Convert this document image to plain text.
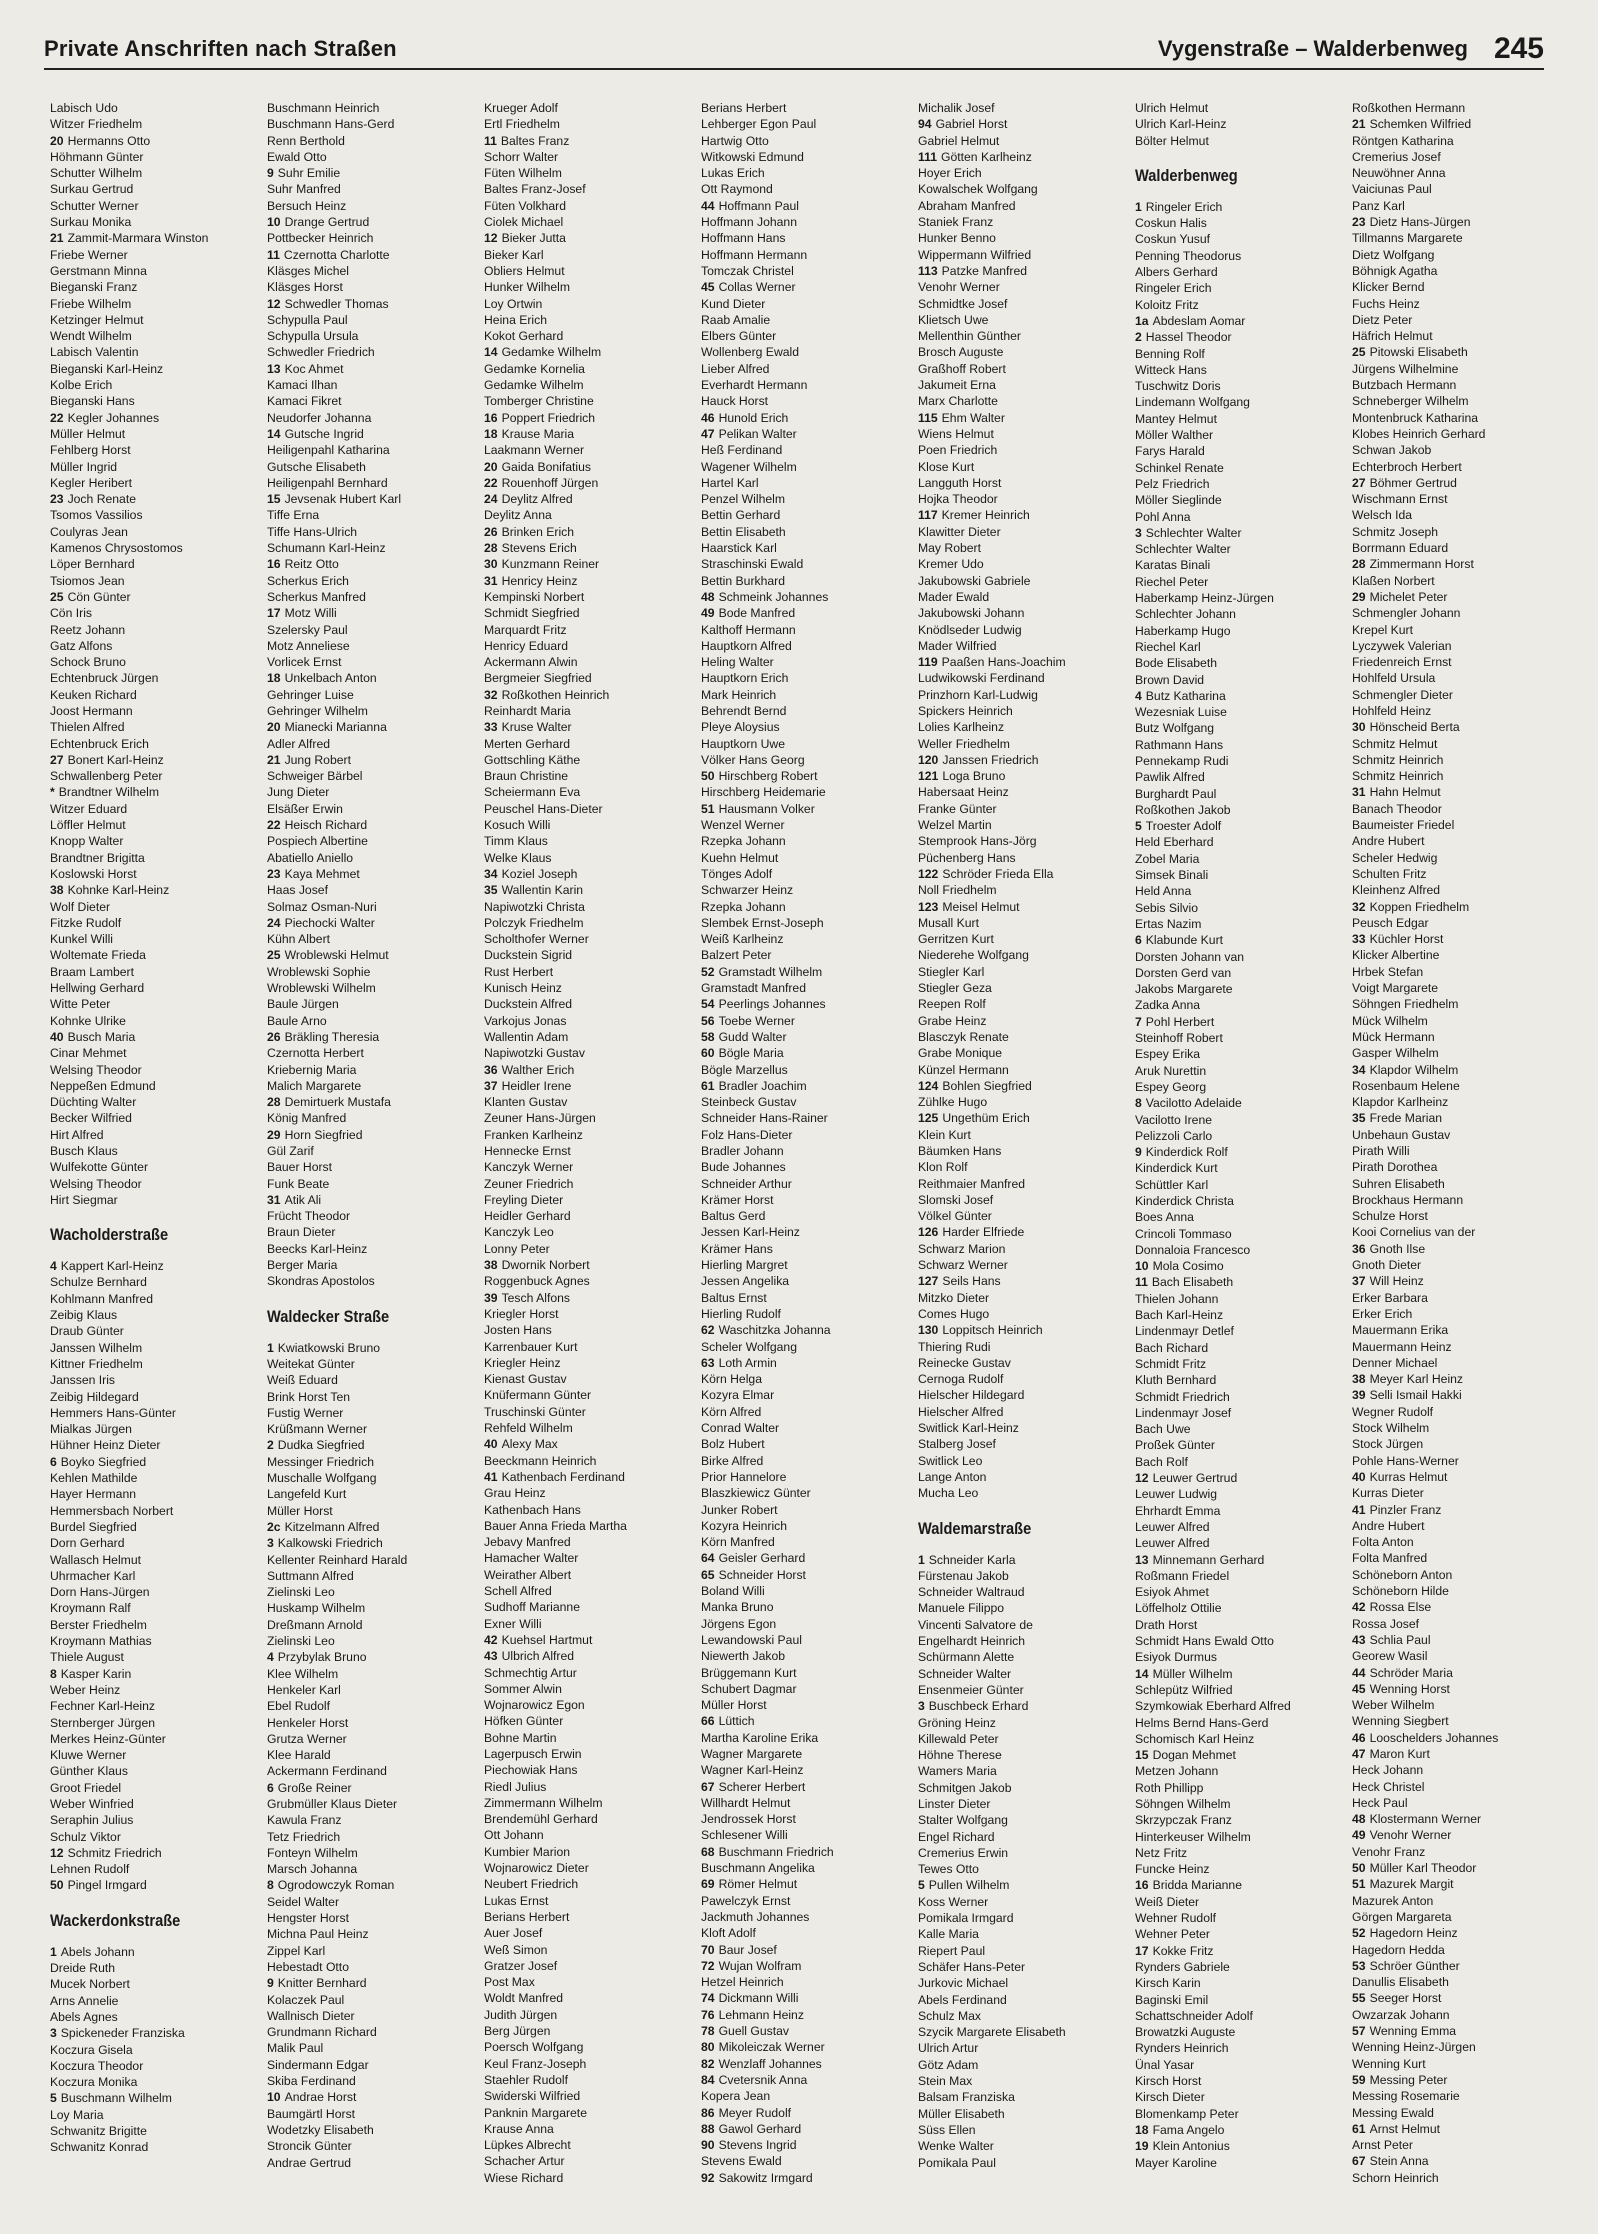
Private Anschriften nach Straßen	Vygenstraße – Walderbenweg 245
Labisch Udo
Witzer Friedhelm
20 Hermanns Otto
Höhmann Günter
Schutter Wilhelm
Surkau Gertrud
Schutter Werner
Surkau Monika
21 Zammit-Marmara Winston
Friebe Werner
Gerstmann Minna
Bieganski Franz
Friebe Wilhelm
Ketzinger Helmut
Wendt Wilhelm
Labisch Valentin
Bieganski Karl-Heinz
Kolbe Erich
Bieganski Hans
22 Kegler Johannes
Müller Helmut
Fehlberg Horst
Müller Ingrid
Kegler Heribert
23 Joch Renate
Tsomos Vassilios
Coulyras Jean
Kamenos Chrysostomos
Löper Bernhard
Tsiomos Jean
25 Cön Günter
Cön Iris
Reetz Johann
Gatz Alfons
Schock Bruno
Echtenbruck Jürgen
Keuken Richard
Joost Hermann
Thielen Alfred
Echtenbruck Erich
27 Bonert Karl-Heinz
Schwallenberg Peter
* Brandtner Wilhelm
Witzer Eduard
Löffler Helmut
Knopp Walter
Brandtner Brigitta
Koslowski Horst
38 Kohnke Karl-Heinz
Wolf Dieter
Fitzke Rudolf
Kunkel Willi
Woltemate Frieda
Braam Lambert
Hellwing Gerhard
Witte Peter
Kohnke Ulrike
40 Busch Maria
Cinar Mehmet
Welsing Theodor
Neppeßen Edmund
Düchting Walter
Becker Wilfried
Hirt Alfred
Busch Klaus
Wulfekotte Günter
Welsing Theodor
Hirt Siegmar
Wacholderstraße
4 Kappert Karl-Heinz
Schulze Bernhard
Kohlmann Manfred
Zeibig Klaus
Draub Günter
Janssen Wilhelm
Kittner Friedhelm
Janssen Iris
Zeibig Hildegard
Hemmers Hans-Günter
Mialkas Jürgen
Hühner Heinz Dieter
6 Boyko Siegfried
Kehlen Mathilde
Hayer Hermann
Hemmersbach Norbert
Burdel Siegfried
Dorn Gerhard
Wallasch Helmut
Uhrmacher Karl
Dorn Hans-Jürgen
Kroymann Ralf
Berster Friedhelm
Kroymann Mathias
Thiele August
8 Kasper Karin
Weber Heinz
Fechner Karl-Heinz
Sternberger Jürgen
Merkes Heinz-Günter
Kluwe Werner
Günther Klaus
Groot Friedel
Weber Winfried
Seraphin Julius
Schulz Viktor
12 Schmitz Friedrich
Lehnen Rudolf
50 Pingel Irmgard
Wackerdonkstraße
1 Abels Johann
Dreide Ruth
Mucek Norbert
Arns Annelie
Abels Agnes
3 Spickeneder Franziska
Koczura Gisela
Koczura Theodor
Koczura Monika
5 Buschmann Wilhelm
Loy Maria
Schwanitz Brigitte
Schwanitz Konrad
Buschmann Heinrich
Buschmann Hans-Gerd
Renn Berthold
Ewald Otto
9 Suhr Emilie
Suhr Manfred
Bersuch Heinz
10 Drange Gertrud
Pottbecker Heinrich
11 Czernotta Charlotte
Kläsges Michel
Kläsges Horst
12 Schwedler Thomas
Schypulla Paul
Schypulla Ursula
Schwedler Friedrich
13 Koc Ahmet
Kamaci Ilhan
Kamaci Fikret
Neudorfer Johanna
14 Gutsche Ingrid
Heiligenpahl Katharina
Gutsche Elisabeth
Heiligenpahl Bernhard
15 Jevsenak Hubert Karl
Tiffe Erna
Tiffe Hans-Ulrich
Schumann Karl-Heinz
16 Reitz Otto
Scherkus Erich
Scherkus Manfred
17 Motz Willi
Szelersky Paul
Motz Anneliese
Vorlicek Ernst
18 Unkelbach Anton
Gehringer Luise
Gehringer Wilhelm
20 Mianecki Marianna
Adler Alfred
21 Jung Robert
Schweiger Bärbel
Jung Dieter
Elsäßer Erwin
22 Heisch Richard
Pospiech Albertine
Abatiello Aniello
23 Kaya Mehmet
Haas Josef
Solmaz Osman-Nuri
24 Piechocki Walter
Kühn Albert
25 Wroblewski Helmut
Wroblewski Sophie
Wroblewski Wilhelm
Baule Jürgen
Baule Arno
26 Bräkling Theresia
Czernotta Herbert
Kriebernig Maria
Malich Margarete
28 Demirtuerk Mustafa
König Manfred
29 Horn Siegfried
Gül Zarif
Bauer Horst
Funk Beate
31 Atik Ali
Frücht Theodor
Braun Dieter
Beecks Karl-Heinz
Berger Maria
Skondras Apostolos
Waldecker Straße
1 Kwiatkowski Bruno
Weitekat Günter
Weiß Eduard
Brink Horst Ten
Fustig Werner
Krüßmann Werner
2 Dudka Siegfried
Messinger Friedrich
Muschalle Wolfgang
Langefeld Kurt
Müller Horst
2c Kitzelmann Alfred
3 Kalkowski Friedrich
Kellenter Reinhard Harald
Suttmann Alfred
Zielinski Leo
Huskamp Wilhelm
Dreßmann Arnold
Zielinski Leo
4 Przybylak Bruno
Klee Wilhelm
Henkeler Karl
Ebel Rudolf
Henkeler Horst
Grutza Werner
Klee Harald
Ackermann Ferdinand
6 Große Reiner
Grubmüller Klaus Dieter
Kawula Franz
Tetz Friedrich
Fonteyn Wilhelm
Marsch Johanna
8 Ogrodowczyk Roman
Seidel Walter
Hengster Horst
Michna Paul Heinz
Zippel Karl
Hebestadt Otto
9 Knitter Bernhard
Kolaczek Paul
Wallnisch Dieter
Grundmann Richard
Malik Paul
Sindermann Edgar
Skiba Ferdinand
10 Andrae Horst
Baumgärtl Horst
Wodetzky Elisabeth
Stroncik Günter
Andrae Gertrud
Krueger Adolf
Ertl Friedhelm
11 Baltes Franz
Schorr Walter
Füten Wilhelm
Baltes Franz-Josef
Füten Volkhard
Ciolek Michael
12 Bieker Jutta
Bieker Karl
Obliers Helmut
Hunker Wilhelm
Loy Ortwin
Heina Erich
Kokot Gerhard
14 Gedamke Wilhelm
Gedamke Kornelia
Gedamke Wilhelm
Tomberger Christine
16 Poppert Friedrich
18 Krause Maria
Laakmann Werner
20 Gaida Bonifatius
22 Rouenhoff Jürgen
24 Deylitz Alfred
Deylitz Anna
26 Brinken Erich
28 Stevens Erich
30 Kunzmann Reiner
31 Henricy Heinz
Kempinski Norbert
Schmidt Siegfried
Marquardt Fritz
Henricy Eduard
Ackermann Alwin
Bergmeier Siegfried
32 Roßkothen Heinrich
Reinhardt Maria
33 Kruse Walter
Merten Gerhard
Gottschling Käthe
Braun Christine
Scheiermann Eva
Peuschel Hans-Dieter
Kosuch Willi
Timm Klaus
Welke Klaus
34 Koziel Joseph
35 Wallentin Karin
Napiwotzki Christa
Polczyk Friedhelm
Scholthofer Werner
Duckstein Sigrid
Rust Herbert
Kunisch Heinz
Duckstein Alfred
Varkojus Jonas
Wallentin Adam
Napiwotzki Gustav
36 Walther Erich
37 Heidler Irene
Klanten Gustav
Zeuner Hans-Jürgen
Franken Karlheinz
Hennecke Ernst
Kanczyk Werner
Zeuner Friedrich
Freyling Dieter
Heidler Gerhard
Kanczyk Leo
Lonny Peter
38 Dwornik Norbert
Roggenbuck Agnes
39 Tesch Alfons
Kriegler Horst
Josten Hans
Karrenbauer Kurt
Kriegler Heinz
Kienast Gustav
Knüfermann Günter
Truschinski Günter
Rehfeld Wilhelm
40 Alexy Max
Beeckmann Heinrich
41 Kathenbach Ferdinand
Grau Heinz
Kathenbach Hans
Bauer Anna Frieda Martha
Jebavy Manfred
Hamacher Walter
Weirather Albert
Schell Alfred
Sudhoff Marianne
Exner Willi
42 Kuehsel Hartmut
43 Ulbrich Alfred
Schmechtig Artur
Sommer Alwin
Wojnarowicz Egon
Höfken Günter
Bohne Martin
Lagerpusch Erwin
Piechowiak Hans
Riedl Julius
Zimmermann Wilhelm
Brendemühl Gerhard
Ott Johann
Kumbier Marion
Wojnarowicz Dieter
Neubert Friedrich
Lukas Ernst
Berians Herbert
Auer Josef
Weß Simon
Gratzer Josef
Post Max
Woldt Manfred
Judith Jürgen
Berg Jürgen
Poersch Wolfgang
Keul Franz-Joseph
Staehler Rudolf
Swiderski Wilfried
Panknin Margarete
Krause Anna
Lüpkes Albrecht
Schacher Artur
Wiese Richard
Berians Herbert
Lehberger Egon Paul
Hartwig Otto
Witkowski Edmund
Lukas Erich
Ott Raymond
44 Hoffmann Paul
Hoffmann Johann
Hoffmann Hans
Hoffmann Hermann
Tomczak Christel
45 Collas Werner
Kund Dieter
Raab Amalie
Elbers Günter
Wollenberg Ewald
Lieber Alfred
Everhardt Hermann
Hauck Horst
46 Hunold Erich
47 Pelikan Walter
Heß Ferdinand
Wagener Wilhelm
Hartel Karl
Penzel Wilhelm
Bettin Gerhard
Bettin Elisabeth
Haarstick Karl
Straschinski Ewald
Bettin Burkhard
48 Schmeink Johannes
49 Bode Manfred
Kalthoff Hermann
Hauptkorn Alfred
Heling Walter
Hauptkorn Erich
Mark Heinrich
Behrendt Bernd
Pleye Aloysius
Hauptkorn Uwe
Völker Hans Georg
50 Hirschberg Robert
Hirschberg Heidemarie
51 Hausmann Volker
Wenzel Werner
Rzepka Johann
Kuehn Helmut
Tönges Adolf
Schwarzer Heinz
Rzepka Johann
Slembek Ernst-Joseph
Weiß Karlheinz
Balzert Peter
52 Gramstadt Wilhelm
Gramstadt Manfred
54 Peerlings Johannes
56 Toebe Werner
58 Gudd Walter
60 Bögle Maria
Bögle Marzellus
61 Bradler Joachim
Steinbeck Gustav
Schneider Hans-Rainer
Folz Hans-Dieter
Bradler Johann
Bude Johannes
Schneider Arthur
Krämer Horst
Baltus Gerd
Jessen Karl-Heinz
Krämer Hans
Hierling Margret
Jessen Angelika
Baltus Ernst
Hierling Rudolf
62 Waschitzka Johanna
Scheler Wolfgang
63 Loth Armin
Körn Helga
Kozyra Elmar
Körn Alfred
Conrad Walter
Bolz Hubert
Birke Alfred
Prior Hannelore
Blaszkiewicz Günter
Junker Robert
Kozyra Heinrich
Körn Manfred
64 Geisler Gerhard
65 Schneider Horst
Boland Willi
Manka Bruno
Jörgens Egon
Lewandowski Paul
Niewerth Jakob
Brüggemann Kurt
Schubert Dagmar
Müller Horst
66 Lüttich
Martha Karoline Erika
Wagner Margarete
Wagner Karl-Heinz
67 Scherer Herbert
Willhardt Helmut
Jendrossek Horst
Schlesener Willi
68 Buschmann Friedrich
Buschmann Angelika
69 Römer Helmut
Pawelczyk Ernst
Jackmuth Johannes
Kloft Adolf
70 Baur Josef
72 Wujan Wolfram
Hetzel Heinrich
74 Dickmann Willi
76 Lehmann Heinz
78 Guell Gustav
80 Mikoleiczak Werner
82 Wenzlaff Johannes
84 Cvetersnik Anna
Kopera Jean
86 Meyer Rudolf
88 Gawol Gerhard
90 Stevens Ingrid
Stevens Ewald
92 Sakowitz Irmgard
Michalik Josef
94 Gabriel Horst
Gabriel Helmut
111 Götten Karlheinz
Hoyer Erich
Kowalschek Wolfgang
Abraham Manfred
Staniek Franz
Hunker Benno
Wippermann Wilfried
113 Patzke Manfred
Venohr Werner
Schmidtke Josef
Klietsch Uwe
Mellenthin Günther
Brosch Auguste
Graßhoff Robert
Jakumeit Erna
Marx Charlotte
115 Ehm Walter
Wiens Helmut
Poen Friedrich
Klose Kurt
Langguth Horst
Hojka Theodor
117 Kremer Heinrich
Klawitter Dieter
May Robert
Kremer Udo
Jakubowski Gabriele
Mader Ewald
Jakubowski Johann
Knödlseder Ludwig
Mader Wilfried
119 Paaßen Hans-Joachim
Ludwikowski Ferdinand
Prinzhorn Karl-Ludwig
Spickers Heinrich
Lolies Karlheinz
Weller Friedhelm
120 Janssen Friedrich
121 Loga Bruno
Habersaat Heinz
Franke Günter
Welzel Martin
Stemprook Hans-Jörg
Püchenberg Hans
122 Schröder Frieda Ella
Noll Friedhelm
123 Meisel Helmut
Musall Kurt
Gerritzen Kurt
Niederehe Wolfgang
Stiegler Karl
Stiegler Geza
Reepen Rolf
Grabe Heinz
Blasczyk Renate
Grabe Monique
Künzel Hermann
124 Bohlen Siegfried
Zühlke Hugo
125 Ungethüm Erich
Klein Kurt
Bäumken Hans
Klon Rolf
Reithmaier Manfred
Slomski Josef
Völkel Günter
126 Harder Elfriede
Schwarz Marion
Schwarz Werner
127 Seils Hans
Mitzko Dieter
Comes Hugo
130 Loppitsch Heinrich
Thiering Rudi
Reinecke Gustav
Cernoga Rudolf
Hielscher Hildegard
Hielscher Alfred
Switlick Karl-Heinz
Stalberg Josef
Switlick Leo
Lange Anton
Mucha Leo
Waldemarstraße
1 Schneider Karla
Fürstenau Jakob
Schneider Waltraud
Manuele Filippo
Vincenti Salvatore de
Engelhardt Heinrich
Schürmann Alette
Schneider Walter
Ensenmeier Günter
3 Buschbeck Erhard
Gröning Heinz
Killewald Peter
Höhne Therese
Wamers Maria
Schmitgen Jakob
Linster Dieter
Stalter Wolfgang
Engel Richard
Cremerius Erwin
Tewes Otto
5 Pullen Wilhelm
Koss Werner
Pomikala Irmgard
Kalle Maria
Riepert Paul
Schäfer Hans-Peter
Jurkovic Michael
Abels Ferdinand
Schulz Max
Szycik Margarete Elisabeth
Ulrich Artur
Götz Adam
Stein Max
Balsam Franziska
Müller Elisabeth
Süss Ellen
Wenke Walter
Pomikala Paul
Ulrich Helmut
Ulrich Karl-Heinz
Bölter Helmut
Walderbenweg
1 Ringeler Erich
Coskun Halis
Coskun Yusuf
Penning Theodorus
Albers Gerhard
Ringeler Erich
Koloitz Fritz
1a Abdeslam Aomar
2 Hassel Theodor
Benning Rolf
Witteck Hans
Tuschwitz Doris
Lindemann Wolfgang
Mantey Helmut
Möller Walther
Farys Harald
Schinkel Renate
Pelz Friedrich
Möller Sieglinde
Pohl Anna
3 Schlechter Walter
Schlechter Walter
Karatas Binali
Riechel Peter
Haberkamp Heinz-Jürgen
Schlechter Johann
Haberkamp Hugo
Riechel Karl
Bode Elisabeth
Brown David
4 Butz Katharina
Wezesniak Luise
Butz Wolfgang
Rathmann Hans
Pennekamp Rudi
Pawlik Alfred
Burghardt Paul
Roßkothen Jakob
5 Troester Adolf
Held Eberhard
Zobel Maria
Simsek Binali
Held Anna
Sebis Silvio
Ertas Nazim
6 Klabunde Kurt
Dorsten Johann van
Dorsten Gerd van
Jakobs Margarete
Zadka Anna
7 Pohl Herbert
Steinhoff Robert
Espey Erika
Aruk Nurettin
Espey Georg
8 Vacilotto Adelaide
Vacilotto Irene
Pelizzoli Carlo
9 Kinderdick Rolf
Kinderdick Kurt
Schüttler Karl
Kinderdick Christa
Boes Anna
Crincoli Tommaso
Donnaloia Francesco
10 Mola Cosimo
11 Bach Elisabeth
Thielen Johann
Bach Karl-Heinz
Lindenmayr Detlef
Bach Richard
Schmidt Fritz
Kluth Bernhard
Schmidt Friedrich
Lindenmayr Josef
Bach Uwe
Proßek Günter
Bach Rolf
12 Leuwer Gertrud
Leuwer Ludwig
Ehrhardt Emma
Leuwer Alfred
Leuwer Alfred
13 Minnemann Gerhard
Roßmann Friedel
Esiyok Ahmet
Löffelholz Ottilie
Drath Horst
Schmidt Hans Ewald Otto
Esiyok Durmus
14 Müller Wilhelm
Schlepütz Wilfried
Szymkowiak Eberhard Alfred
Helms Bernd Hans-Gerd
Schomisch Karl Heinz
15 Dogan Mehmet
Metzen Johann
Roth Phillipp
Söhngen Wilhelm
Skrzypczak Franz
Hinterkeuser Wilhelm
Netz Fritz
Funcke Heinz
16 Bridda Marianne
Weiß Dieter
Wehner Rudolf
Wehner Peter
17 Kokke Fritz
Rynders Gabriele
Kirsch Karin
Baginski Emil
Schattschneider Adolf
Browatzki Auguste
Rynders Heinrich
Ünal Yasar
Kirsch Horst
Kirsch Dieter
Blomenkamp Peter
18 Fama Angelo
19 Klein Antonius
Mayer Karoline
Roßkothen Hermann
21 Schemken Wilfried
Röntgen Katharina
Cremerius Josef
Neuwöhner Anna
Vaiciunas Paul
Panz Karl
23 Dietz Hans-Jürgen
Tillmanns Margarete
Dietz Wolfgang
Böhnigk Agatha
Klicker Bernd
Fuchs Heinz
Dietz Peter
Häfrich Helmut
25 Pitowski Elisabeth
Jürgens Wilhelmine
Butzbach Hermann
Schneberger Wilhelm
Montenbruck Katharina
Klobes Heinrich Gerhard
Schwan Jakob
Echterbroch Herbert
27 Böhmer Gertrud
Wischmann Ernst
Welsch Ida
Schmitz Joseph
Borrmann Eduard
28 Zimmermann Horst
Klaßen Norbert
29 Michelet Peter
Schmengler Johann
Krepel Kurt
Lyczywek Valerian
Friedenreich Ernst
Hohlfeld Ursula
Schmengler Dieter
Hohlfeld Heinz
30 Hönscheid Berta
Schmitz Helmut
Schmitz Heinrich
Schmitz Heinrich
31 Hahn Helmut
Banach Theodor
Baumeister Friedel
Andre Hubert
Scheler Hedwig
Schulten Fritz
Kleinhenz Alfred
32 Koppen Friedhelm
Peusch Edgar
33 Küchler Horst
Klicker Albertine
Hrbek Stefan
Voigt Margarete
Söhngen Friedhelm
Mück Wilhelm
Mück Hermann
Gasper Wilhelm
34 Klapdor Wilhelm
Rosenbaum Helene
Klapdor Karlheinz
35 Frede Marian
Unbehaun Gustav
Pirath Willi
Pirath Dorothea
Suhren Elisabeth
Brockhaus Hermann
Schulze Horst
Kooi Cornelius van der
36 Gnoth Ilse
Gnoth Dieter
37 Will Heinz
Erker Barbara
Erker Erich
Mauermann Erika
Mauermann Heinz
Denner Michael
38 Meyer Karl Heinz
39 Selli Ismail Hakki
Wegner Rudolf
Stock Wilhelm
Stock Jürgen
Pohle Hans-Werner
40 Kurras Helmut
Kurras Dieter
41 Pinzler Franz
Andre Hubert
Folta Anton
Folta Manfred
Schöneborn Anton
Schöneborn Hilde
42 Rossa Else
Rossa Josef
43 Schlia Paul
Georew Wasil
44 Schröder Maria
45 Wenning Horst
Weber Wilhelm
Wenning Siegbert
46 Looschelders Johannes
47 Maron Kurt
Heck Johann
Heck Christel
Heck Paul
48 Klostermann Werner
49 Venohr Werner
Venohr Franz
50 Müller Karl Theodor
51 Mazurek Margit
Mazurek Anton
Görgen Margareta
52 Hagedorn Heinz
Hagedorn Hedda
53 Schröer Günther
Danullis Elisabeth
55 Seeger Horst
Owzarzak Johann
57 Wenning Emma
Wenning Heinz-Jürgen
Wenning Kurt
59 Messing Peter
Messing Rosemarie
Messing Ewald
61 Arnst Helmut
Arnst Peter
67 Stein Anna
Schorn Heinrich
